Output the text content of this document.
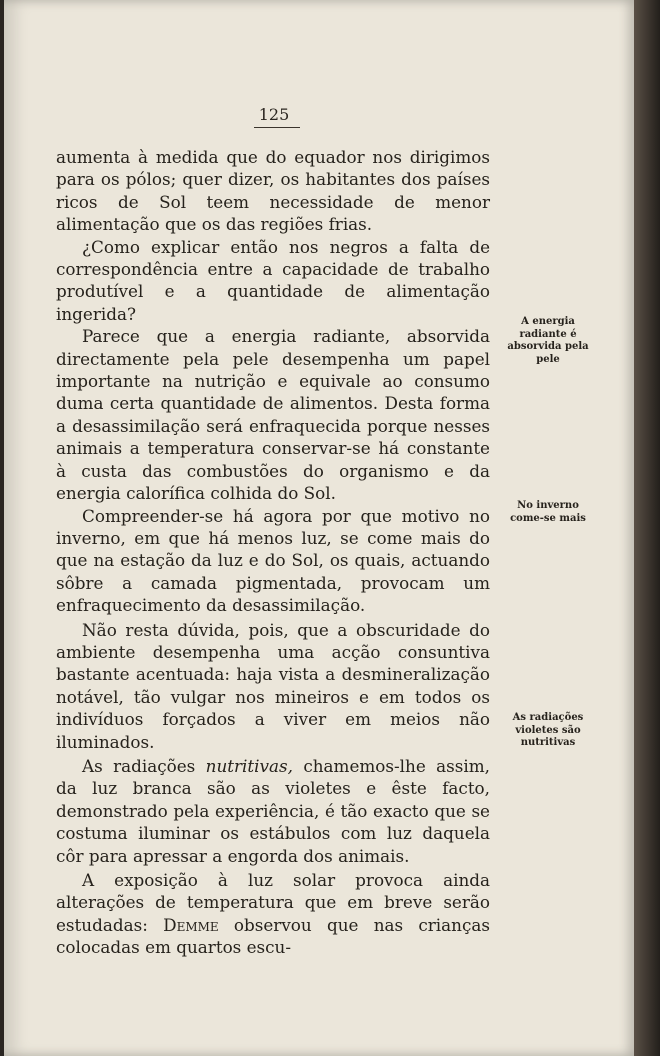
125

aumenta à medida que do equador nos dirigimos para os pólos; quer dizer, os habitantes dos países ricos de Sol teem necessidade de menor alimentação que os das regiões frias.

¿Como explicar então nos negros a falta de correspondência entre a capacidade de trabalho produtível e a quantidade de alimentação ingerida?

Parece que a energia radiante, absorvida directamente pela pele desempenha um papel importante na nutrição e equivale ao consumo duma certa quantidade de alimentos. Desta forma a desassimilação será enfraquecida porque nesses animais a temperatura conservar-se há constante à custa das combustões do organismo e da energia calorífica colhida do Sol.

Compreender-se há agora por que motivo no inverno, em que há menos luz, se come mais do que na estação da luz e do Sol, os quais, actuando sôbre a camada pigmentada, provocam um enfraquecimento da desassimilação.

Não resta dúvida, pois, que a obscuridade do ambiente desempenha uma acção consuntiva bastante acentuada: haja vista a desmineralização notável, tão vulgar nos mineiros e em todos os indivíduos forçados a viver em meios não iluminados.

As radiações nutritivas, chamemos-lhe assim, da luz branca são as violetes e êste facto, demonstrado pela experiência, é tão exacto que se costuma iluminar os estábulos com luz daquela côr para apressar a engorda dos animais.

A exposição à luz solar provoca ainda alterações de temperatura que em breve serão estudadas: Demme observou que nas crianças colocadas em quartos escu-

A energia radiante é absorvida pela pele
No inverno come-se mais
As radiações violetes são nutritivas
